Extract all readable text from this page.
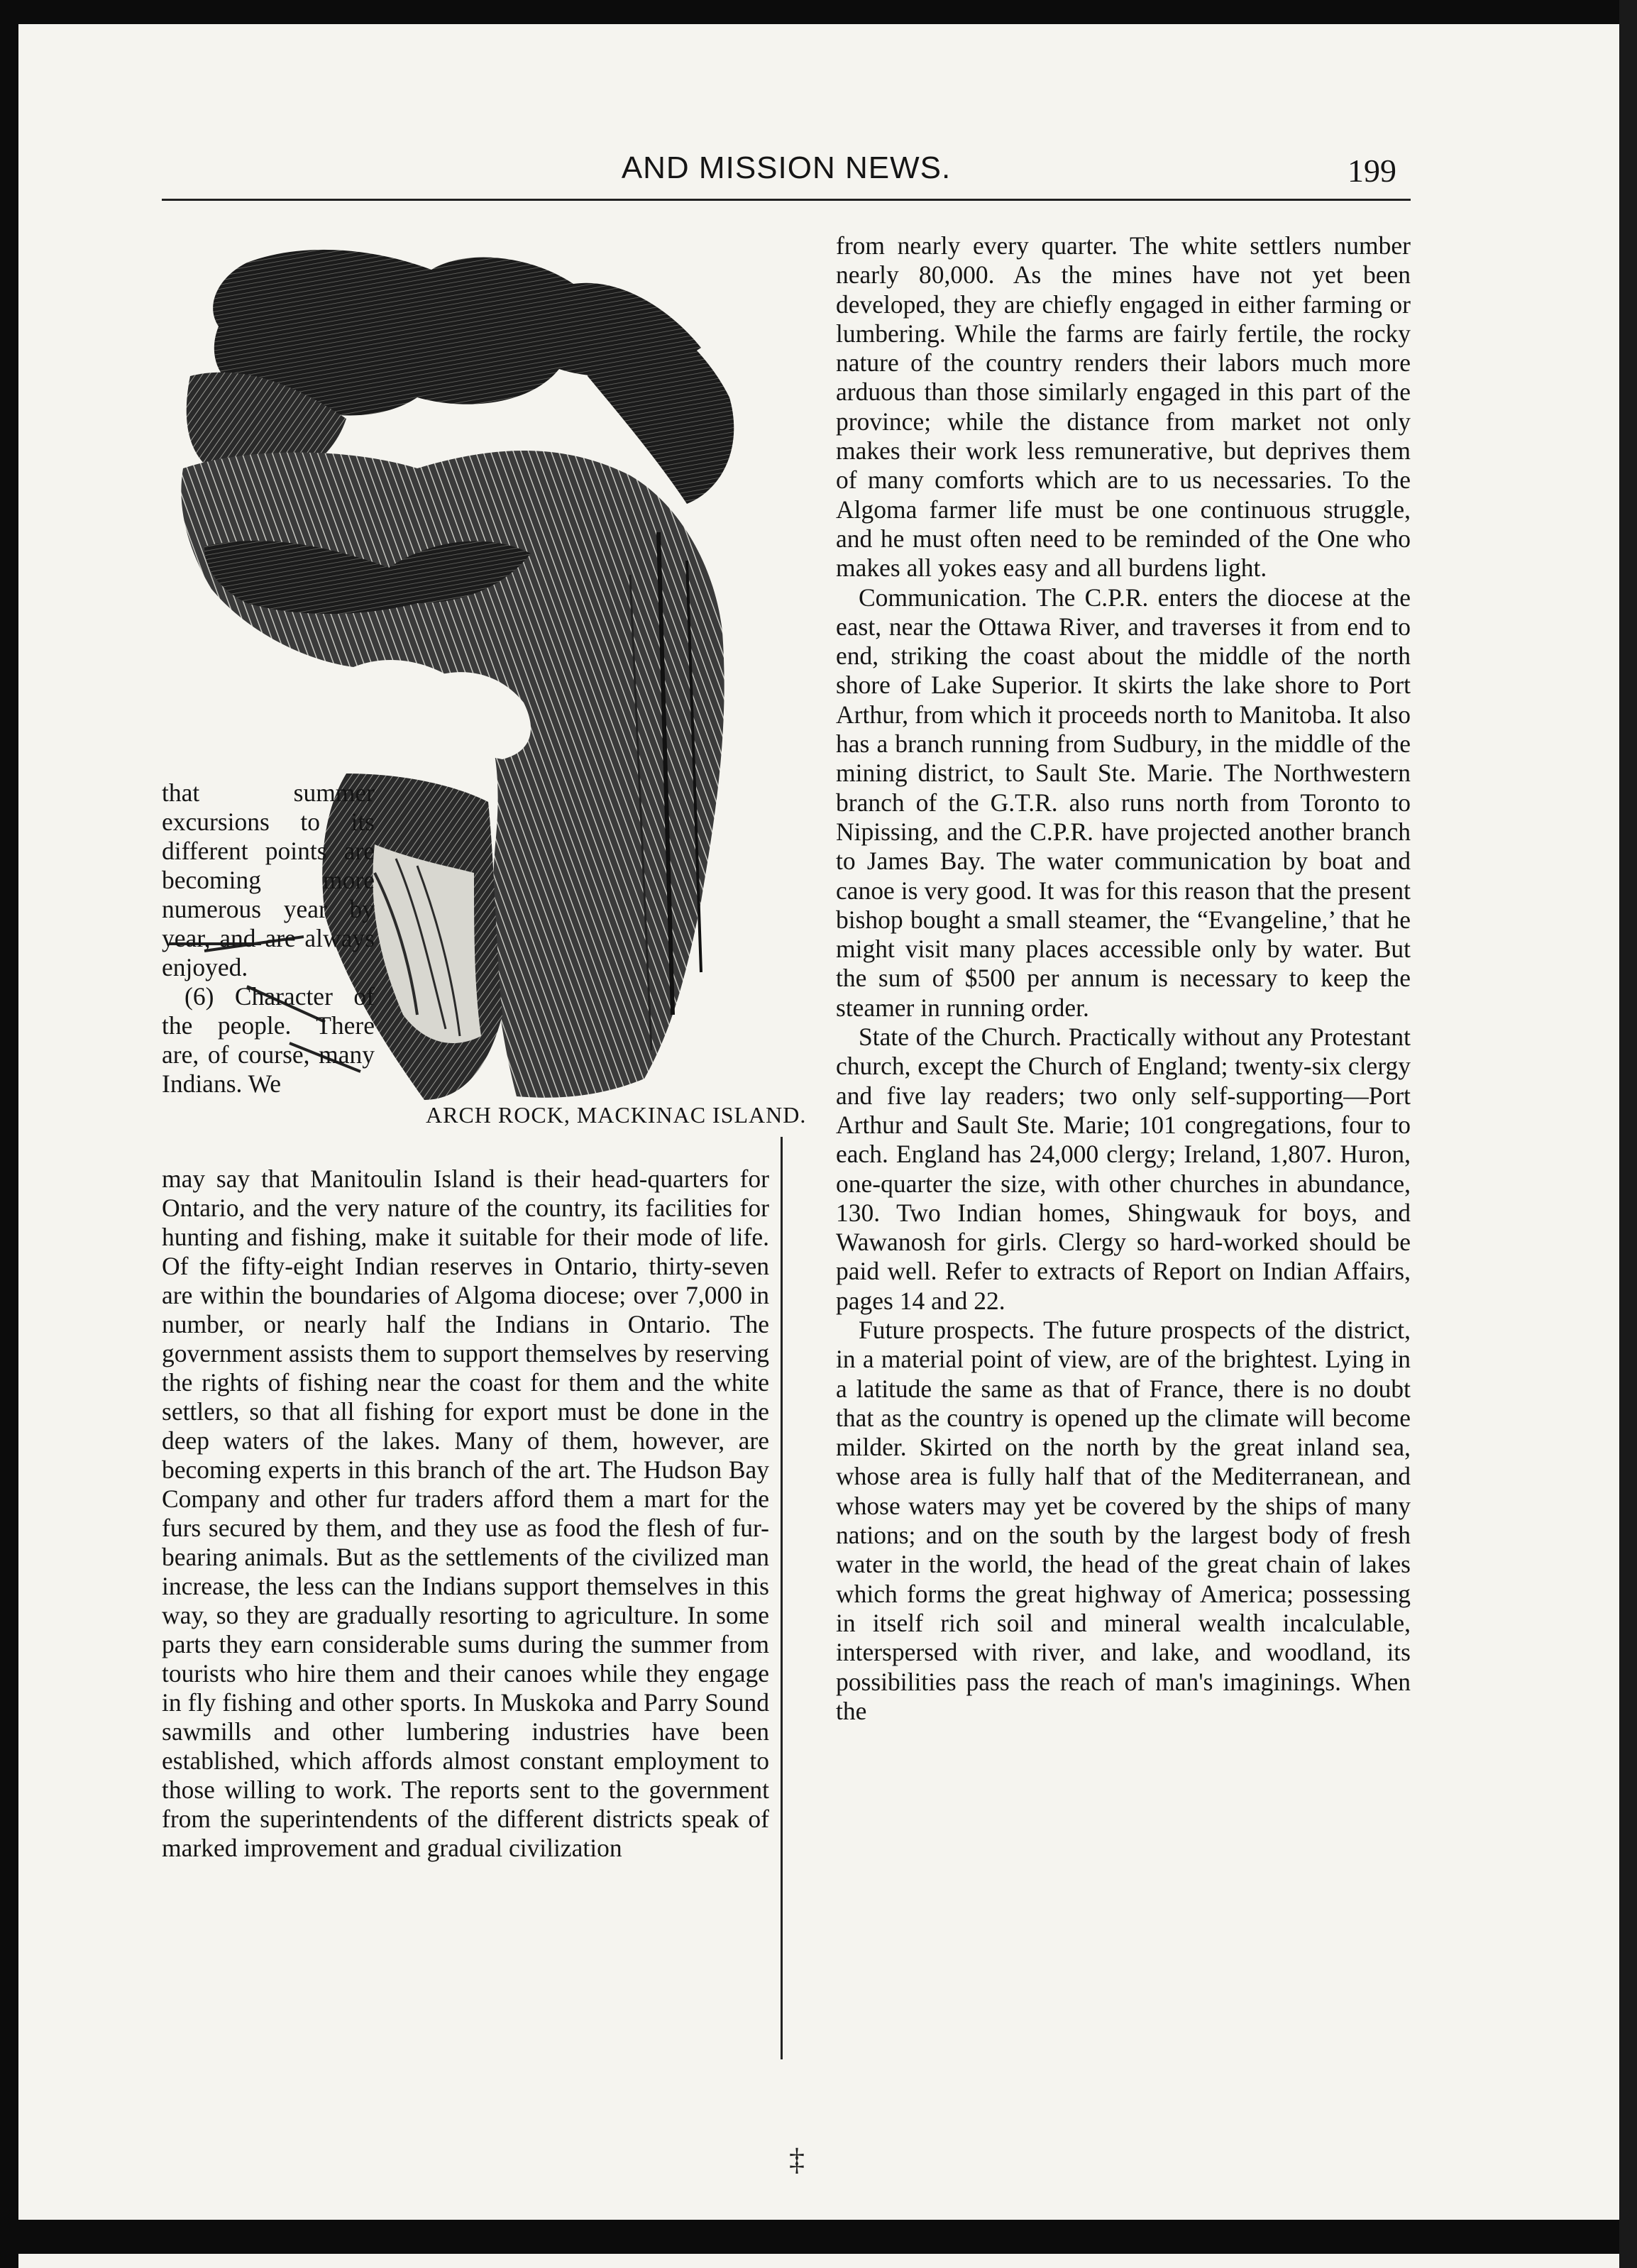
AND MISSION NEWS.	199
ARCH ROCK, MACKINAC ISLAND.

that summer excursions to its different points are becoming more numerous year by year, and are always enjoyed.

(6) Character of the people. There are, of course, many Indians. We

may say that Manitoulin Island is their head-quarters for Ontario, and the very nature of the country, its facilities for hunting and fishing, make it suitable for their mode of life. Of the fifty-eight Indian reserves in Ontario, thirty-seven are within the boundaries of Algoma diocese; over 7,000 in number, or nearly half the Indians in Ontario. The government assists them to support themselves by reserving the rights of fishing near the coast for them and the white settlers, so that all fishing for export must be done in the deep waters of the lakes. Many of them, however, are becoming experts in this branch of the art. The Hudson Bay Company and other fur traders afford them a mart for the furs secured by them, and they use as food the flesh of fur-bearing animals. But as the settlements of the civilized man increase, the less can the Indians support themselves in this way, so they are gradually resorting to agriculture. In some parts they earn considerable sums during the summer from tourists who hire them and their canoes while they engage in fly fishing and other sports. In Muskoka and Parry Sound sawmills and other lumbering industries have been established, which affords almost constant employment to those willing to work. The reports sent to the government from the superintendents of the different districts speak of marked improvement and gradual civilization

from nearly every quarter. The white settlers number nearly 80,000. As the mines have not yet been developed, they are chiefly engaged in either farming or lumbering. While the farms are fairly fertile, the rocky nature of the country renders their labors much more arduous than those similarly engaged in this part of the province; while the distance from market not only makes their work less remunerative, but deprives them of many comforts which are to us necessaries. To the Algoma farmer life must be one continuous struggle, and he must often need to be reminded of the One who makes all yokes easy and all burdens light.

Communication. The C.P.R. enters the diocese at the east, near the Ottawa River, and traverses it from end to end, striking the coast about the middle of the north shore of Lake Superior. It skirts the lake shore to Port Arthur, from which it proceeds north to Manitoba. It also has a branch running from Sudbury, in the middle of the mining district, to Sault Ste. Marie. The Northwestern branch of the G.T.R. also runs north from Toronto to Nipissing, and the C.P.R. have projected another branch to James Bay. The water communication by boat and canoe is very good. It was for this reason that the present bishop bought a small steamer, the “Evangeline,’ that he might visit many places accessible only by water. But the sum of $500 per annum is necessary to keep the steamer in running order.

State of the Church. Practically without any Protestant church, except the Church of England; twenty-six clergy and five lay readers; two only self-supporting—Port Arthur and Sault Ste. Marie; 101 congregations, four to each. England has 24,000 clergy; Ireland, 1,807. Huron, one-quarter the size, with other churches in abundance, 130. Two Indian homes, Shingwauk for boys, and Wawanosh for girls. Clergy so hard-worked should be paid well. Refer to extracts of Report on Indian Affairs, pages 14 and 22.

Future prospects. The future prospects of the district, in a material point of view, are of the brightest. Lying in a latitude the same as that of France, there is no doubt that as the country is opened up the climate will become milder. Skirted on the north by the great inland sea, whose area is fully half that of the Mediterranean, and whose waters may yet be covered by the ships of many nations; and on the south by the largest body of fresh water in the world, the head of the great chain of lakes which forms the great highway of America; possessing in itself rich soil and mineral wealth incalculable, interspersed with river, and lake, and woodland, its possibilities pass the reach of man's imaginings. When the

‡
